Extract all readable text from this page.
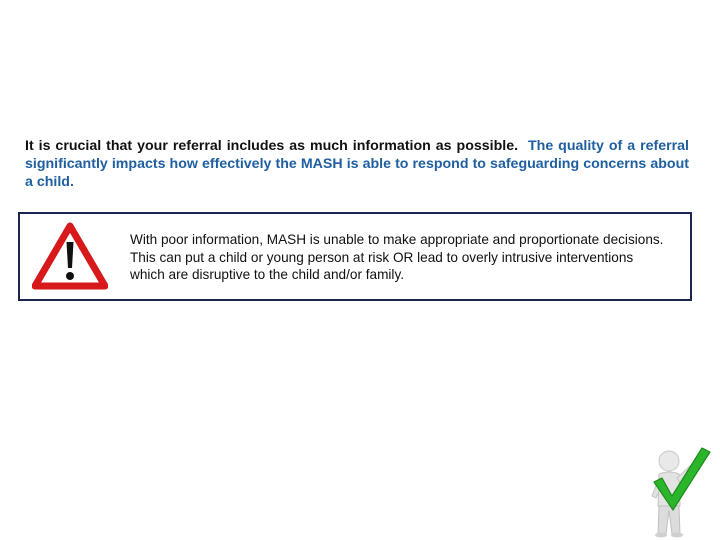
It is crucial that your referral includes as much information as possible. The quality of a referral significantly impacts how effectively the MASH is able to respond to safeguarding concerns about a child.

With poor information, MASH is unable to make appropriate and proportionate decisions. This can put a child or young person at risk OR lead to overly intrusive interventions which are disruptive to the child and/or family.
